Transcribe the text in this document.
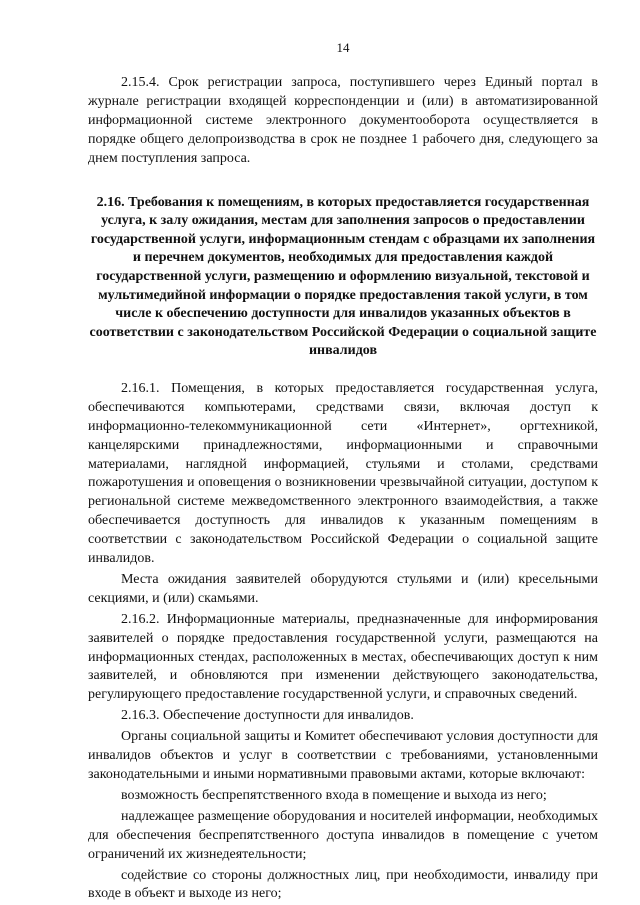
14

2.15.4. Срок регистрации запроса, поступившего через Единый портал в журнале регистрации входящей корреспонденции и (или) в автоматизированной информационной системе электронного документооборота осуществляется в порядке общего делопроизводства в срок не позднее 1 рабочего дня, следующего за днем поступления запроса.

2.16. Требования к помещениям, в которых предоставляется государственная услуга, к залу ожидания, местам для заполнения запросов о предоставлении государственной услуги, информационным стендам с образцами их заполнения и перечнем документов, необходимых для предоставления каждой государственной услуги, размещению и оформлению визуальной, текстовой и мультимедийной информации о порядке предоставления такой услуги, в том числе к обеспечению доступности для инвалидов указанных объектов в соответствии с законодательством Российской Федерации о социальной защите инвалидов

2.16.1. Помещения, в которых предоставляется государственная услуга, обеспечиваются компьютерами, средствами связи, включая доступ к информационно-телекоммуникационной сети «Интернет», оргтехникой, канцелярскими принадлежностями, информационными и справочными материалами, наглядной информацией, стульями и столами, средствами пожаротушения и оповещения о возникновении чрезвычайной ситуации, доступом к региональной системе межведомственного электронного взаимодействия, а также обеспечивается доступность для инвалидов к указанным помещениям в соответствии с законодательством Российской Федерации о социальной защите инвалидов.

Места ожидания заявителей оборудуются стульями и (или) кресельными секциями, и (или) скамьями.

2.16.2. Информационные материалы, предназначенные для информирования заявителей о порядке предоставления государственной услуги, размещаются на информационных стендах, расположенных в местах, обеспечивающих доступ к ним заявителей, и обновляются при изменении действующего законодательства, регулирующего предоставление государственной услуги, и справочных сведений.

2.16.3. Обеспечение доступности для инвалидов.

Органы социальной защиты и Комитет обеспечивают условия доступности для инвалидов объектов и услуг в соответствии с требованиями, установленными законодательными и иными нормативными правовыми актами, которые включают:

возможность беспрепятственного входа в помещение и выхода из него;

надлежащее размещение оборудования и носителей информации, необходимых для обеспечения беспрепятственного доступа инвалидов в помещение с учетом ограничений их жизнедеятельности;

содействие со стороны должностных лиц, при необходимости, инвалиду при входе в объект и выходе из него;
